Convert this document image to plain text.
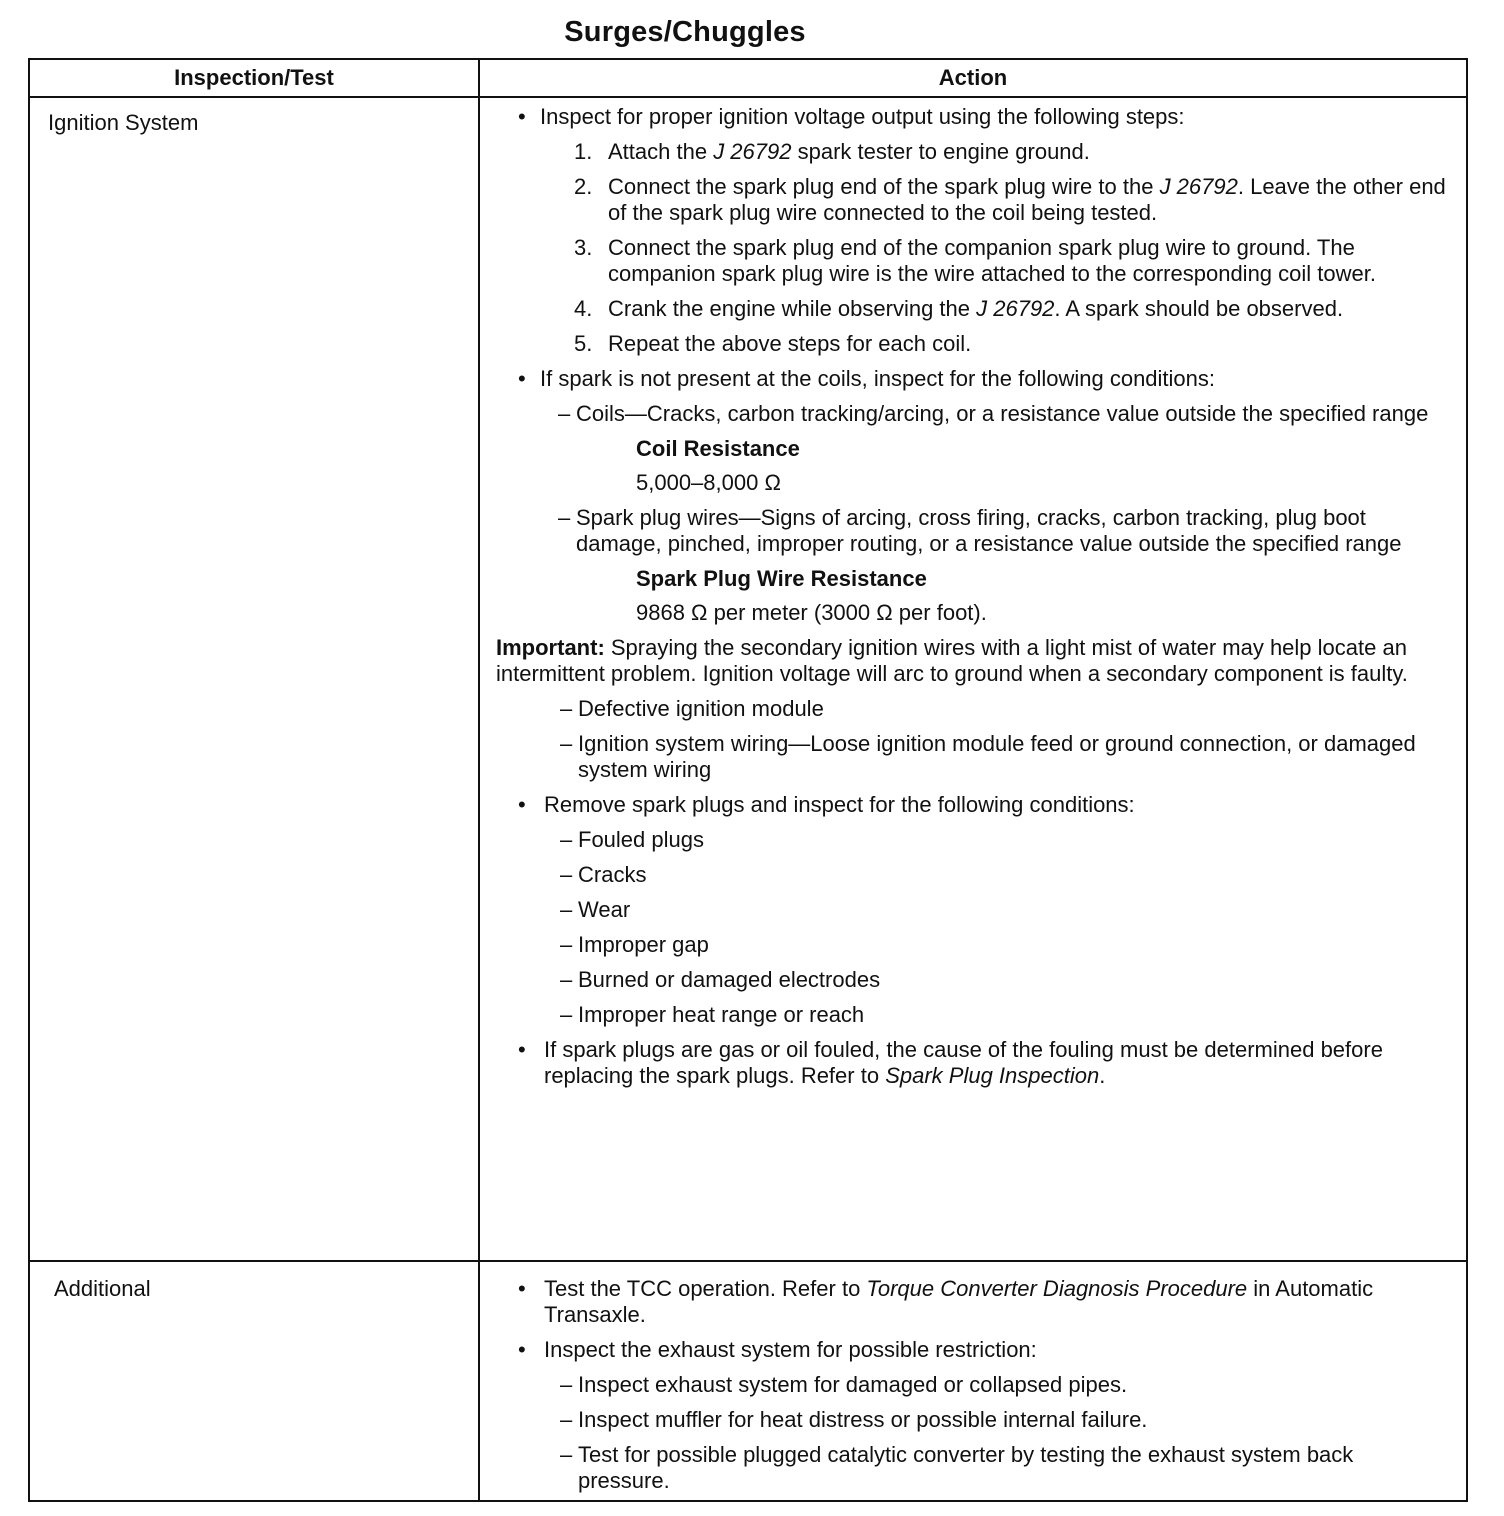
Surges/Chuggles
Inspection/Test	Action
Ignition System	• Inspect for proper ignition voltage output using the following steps:
1. Attach the J 26792 spark tester to engine ground.
2. Connect the spark plug end of the spark plug wire to the J 26792. Leave the other end of the spark plug wire connected to the coil being tested.
3. Connect the spark plug end of the companion spark plug wire to ground. The companion spark plug wire is the wire attached to the corresponding coil tower.
4. Crank the engine while observing the J 26792. A spark should be observed.
5. Repeat the above steps for each coil.
• If spark is not present at the coils, inspect for the following conditions:
– Coils—Cracks, carbon tracking/arcing, or a resistance value outside the specified range
Coil Resistance
5,000–8,000 Ω
– Spark plug wires—Signs of arcing, cross firing, cracks, carbon tracking, plug boot damage, pinched, improper routing, or a resistance value outside the specified range
Spark Plug Wire Resistance
9868 Ω per meter (3000 Ω per foot).
Important: Spraying the secondary ignition wires with a light mist of water may help locate an intermittent problem. Ignition voltage will arc to ground when a secondary component is faulty.
– Defective ignition module
– Ignition system wiring—Loose ignition module feed or ground connection, or damaged system wiring
• Remove spark plugs and inspect for the following conditions:
– Fouled plugs
– Cracks
– Wear
– Improper gap
– Burned or damaged electrodes
– Improper heat range or reach
• If spark plugs are gas or oil fouled, the cause of the fouling must be determined before replacing the spark plugs. Refer to Spark Plug Inspection.
Additional	• Test the TCC operation. Refer to Torque Converter Diagnosis Procedure in Automatic Transaxle.
• Inspect the exhaust system for possible restriction:
– Inspect exhaust system for damaged or collapsed pipes.
– Inspect muffler for heat distress or possible internal failure.
– Test for possible plugged catalytic converter by testing the exhaust system back pressure.
